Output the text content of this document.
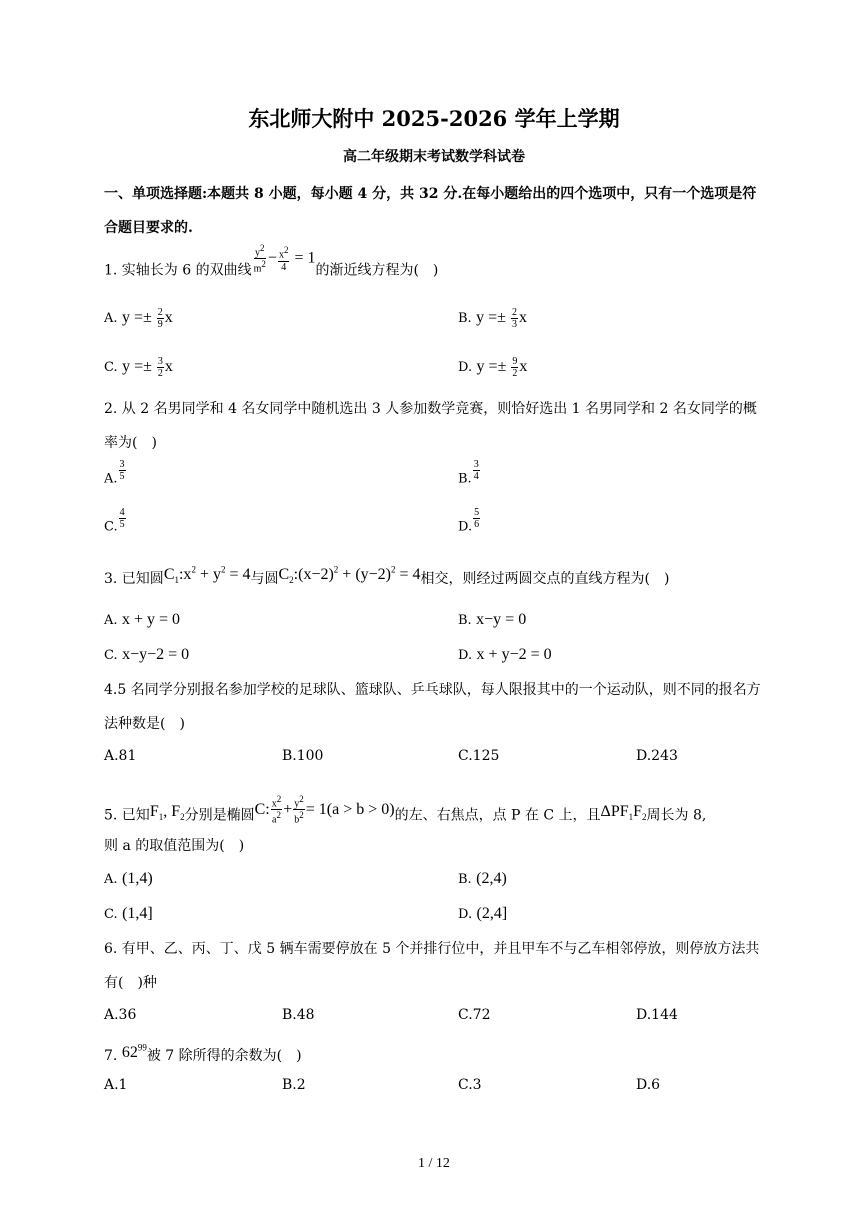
东北师大附中 2025-2026 学年上学期
高二年级期末考试数学科试卷
一、单项选择题:本题共 8 小题，每小题 4 分，共 32 分.在每小题给出的四个选项中，只有一个选项是符合题目要求的.
1. 实轴长为 6 的双曲线 $\frac{y^2}{m^2} - \frac{x^2}{4} = 1$的渐近线方程为(　)
A. $y =\pm \frac{2}{9}$ x	B. $y =\pm \frac{2}{3}$ x
C. $y =\pm \frac{3}{2}$ x	D. $y =\pm \frac{9}{2}$ x
2. 从 2 名男同学和 4 名女同学中随机选出 3 人参加数学竞赛，则恰好选出 1 名男同学和 2 名女同学的概率为(　)
A. $\frac{3}{5}$	B. $\frac{3}{4}$
C. $\frac{4}{5}$	D. $\frac{5}{6}$
3. 已知圆$C_1:x^2 + y^2 = 4$与圆$C_2:(x-2)^2 + (y-2)^2 = 4$相交，则经过两圆交点的直线方程为(　)
A. x + y = 0	B. x−y = 0
C. x−y−2 = 0	D. x + y−2 = 0
4.5 名同学分别报名参加学校的足球队、篮球队、乒乓球队，每人限报其中的一个运动队，则不同的报名方法种数是(　)
A.81	B.100	C.125	D.243
5. 已知$F_1$, $F_2$分别是椭圆C: $\frac{x^2}{a^2} + \frac{y^2}{b^2} = 1(a > b > 0)$的左、右焦点，点 P 在 C 上，且$\Delta PF_1F_2$周长为 8,
则 a 的取值范围为(　)
A. (1,4)	B. (2,4)
C. (1,4]	D. (2,4]
6. 有甲、乙、丙、丁、戊 5 辆车需要停放在 5 个并排行位中，并且甲车不与乙车相邻停放，则停放方法共有(　)种
A.36	B.48	C.72	D.144
7. $62^{99}$被 7 除所得的余数为(　)
A.1	B.2	C.3	D.6
1 / 12
